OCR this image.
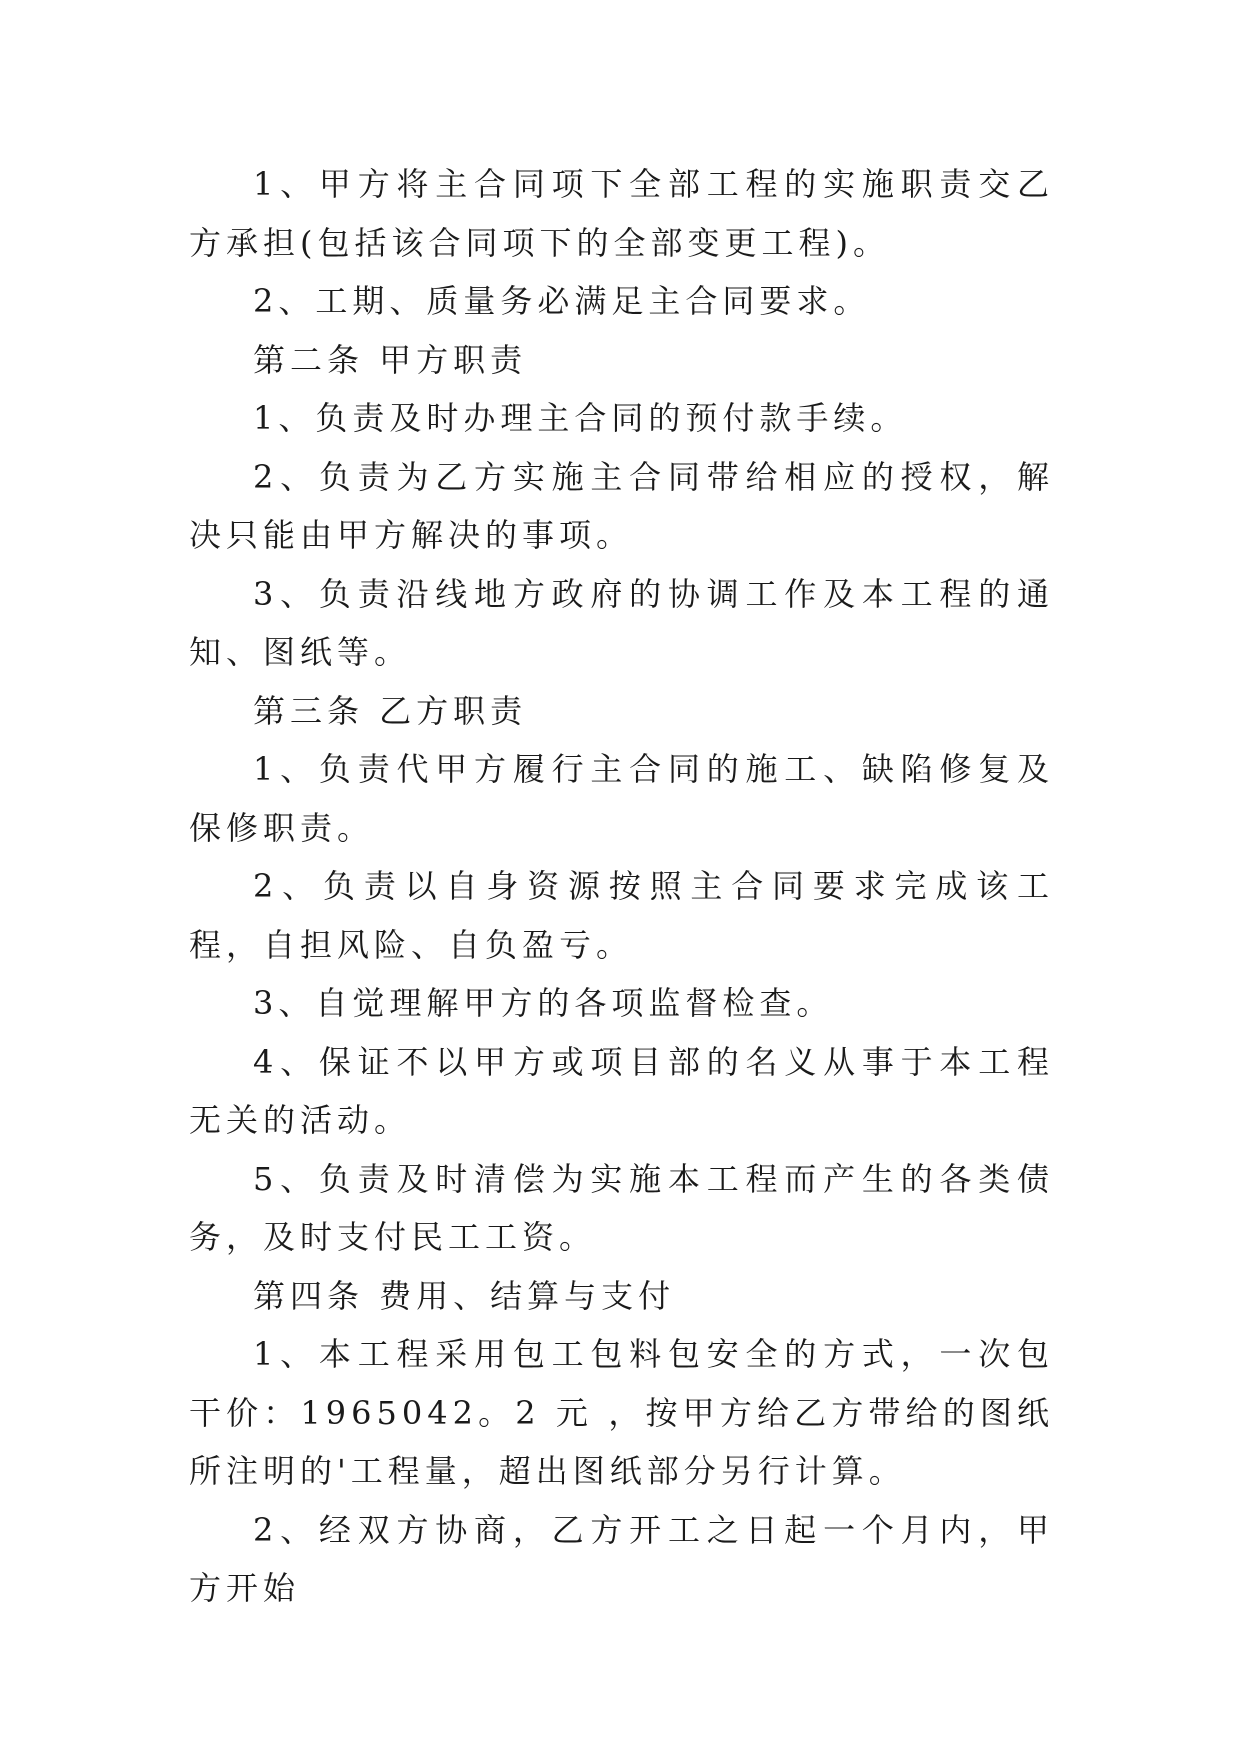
1、甲方将主合同项下全部工程的实施职责交乙方承担(包括该合同项下的全部变更工程)。

2、工期、质量务必满足主合同要求。

第二条 甲方职责

1、负责及时办理主合同的预付款手续。

2、负责为乙方实施主合同带给相应的授权，解决只能由甲方解决的事项。

3、负责沿线地方政府的协调工作及本工程的通知、图纸等。

第三条 乙方职责

1、负责代甲方履行主合同的施工、缺陷修复及保修职责。

2、负责以自身资源按照主合同要求完成该工程，自担风险、自负盈亏。

3、自觉理解甲方的各项监督检查。

4、保证不以甲方或项目部的名义从事于本工程无关的活动。

5、负责及时清偿为实施本工程而产生的各类债务，及时支付民工工资。

第四条 费用、结算与支付

1、本工程采用包工包料包安全的方式，一次包干价：1965042。2 元 ，按甲方给乙方带给的图纸所注明的'工程量，超出图纸部分另行计算。

2、经双方协商，乙方开工之日起一个月内，甲方开始
